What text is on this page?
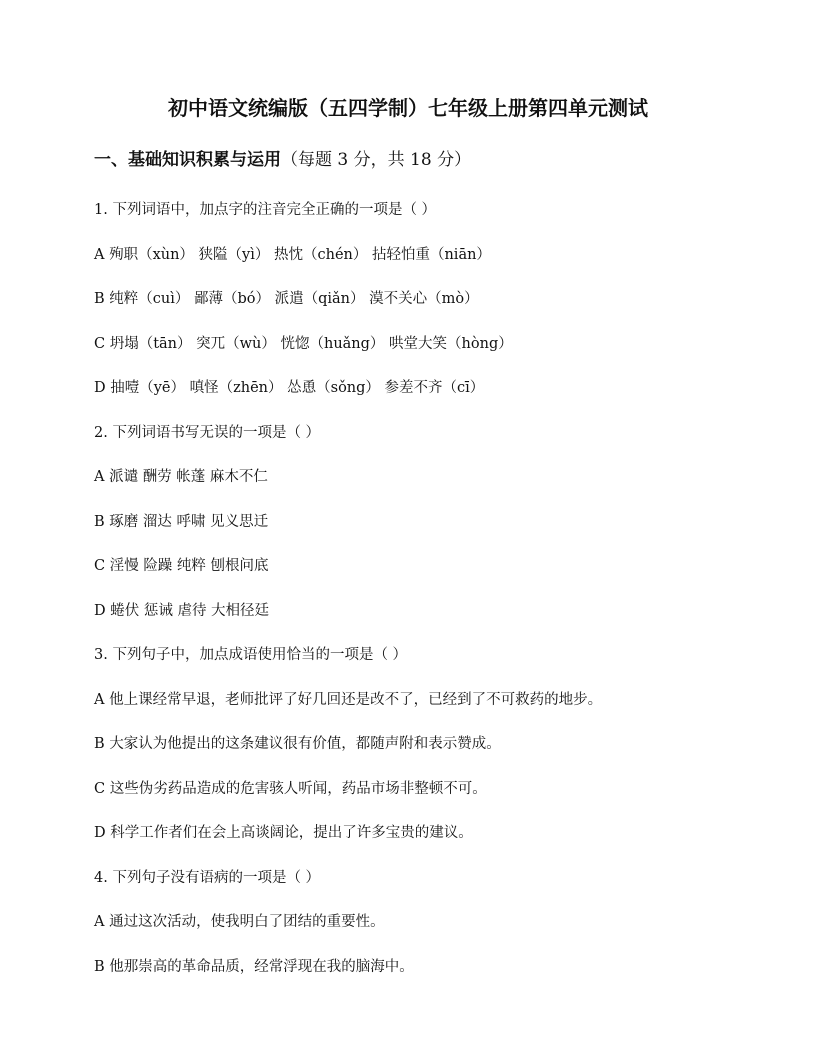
初中语文统编版（五四学制）七年级上册第四单元测试
一、基础知识积累与运用（每题 3 分，共 18 分）
1. 下列词语中，加点字的注音完全正确的一项是（ ）
A 殉职（xùn） 狭隘（yì） 热忱（chén） 拈轻怕重（niān）
B 纯粹（cuì） 鄙薄（bó） 派遣（qiǎn） 漠不关心（mò）
C 坍塌（tān） 突兀（wù） 恍惚（huǎng） 哄堂大笑（hòng）
D 抽噎（yē） 嗔怪（zhēn） 怂恿（sǒng） 参差不齐（cī）
2. 下列词语书写无误的一项是（ ）
A 派谴 酬劳 帐蓬 麻木不仁
B 琢磨 溜达 呼啸 见义思迁
C 淫慢 险躁 纯粹 刨根问底
D 蜷伏 惩诫 虐待 大相径廷
3. 下列句子中，加点成语使用恰当的一项是（ ）
A 他上课经常早退，老师批评了好几回还是改不了，已经到了不可救药的地步。
B 大家认为他提出的这条建议很有价值，都随声附和表示赞成。
C 这些伪劣药品造成的危害骇人听闻，药品市场非整顿不可。
D 科学工作者们在会上高谈阔论，提出了许多宝贵的建议。
4. 下列句子没有语病的一项是（ ）
A 通过这次活动，使我明白了团结的重要性。
B 他那崇高的革命品质，经常浮现在我的脑海中。
